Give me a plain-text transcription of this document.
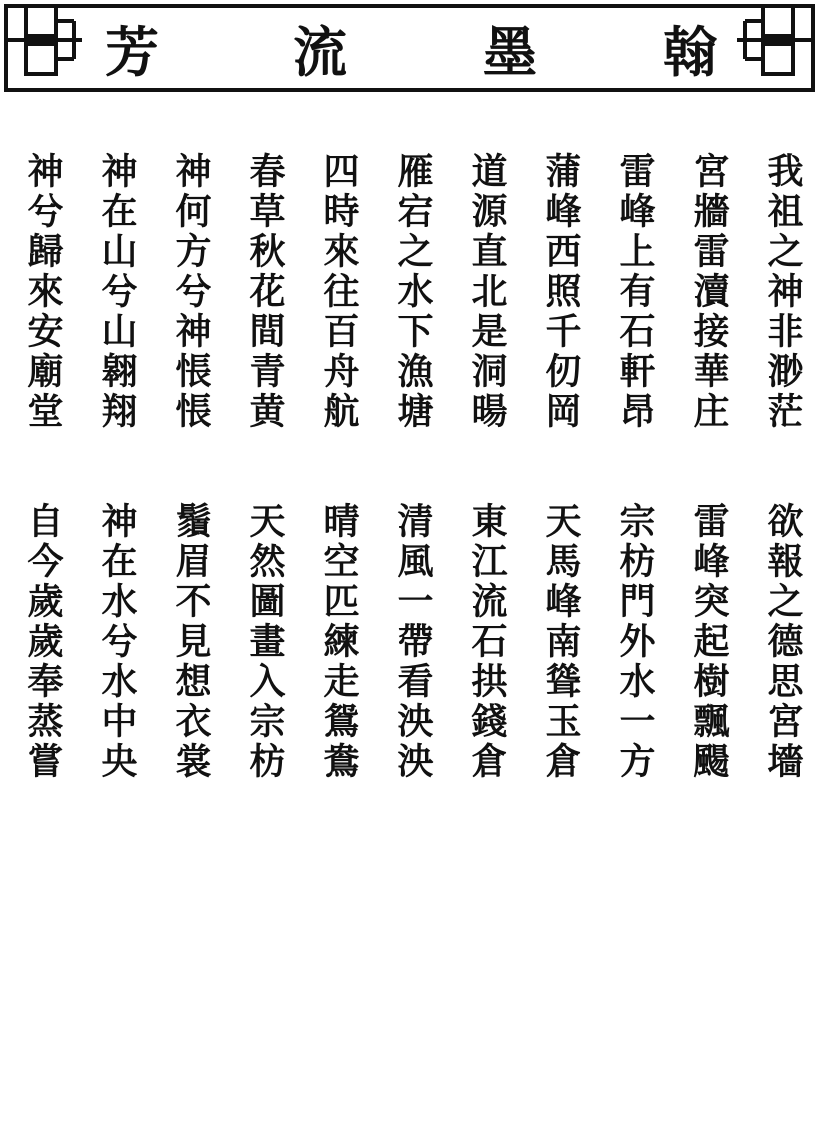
芳 流	墨 翰
我祖之神非渺茫
宮牆雷瀆接華庄
雷峰上有石軒昂
蒲峰西照千仞岡
道源直北是洞暘
雁宕之水下漁塘
四時來往百舟航
春草秋花間青黄
神何方兮神悵悵
神在山兮山翱翔
神兮歸來安廟堂
欲報之德思宮墻
雷峰突起樹飄颺
宗枋門外水一方
天馬峰南聳玉倉
東江流石拱錢倉
清風一帶看泱泱
晴空匹練走鴛鴦
天然圖畫入宗枋
鬚眉不見想衣裳
神在水兮水中央
自今歲歲奉蒸嘗
